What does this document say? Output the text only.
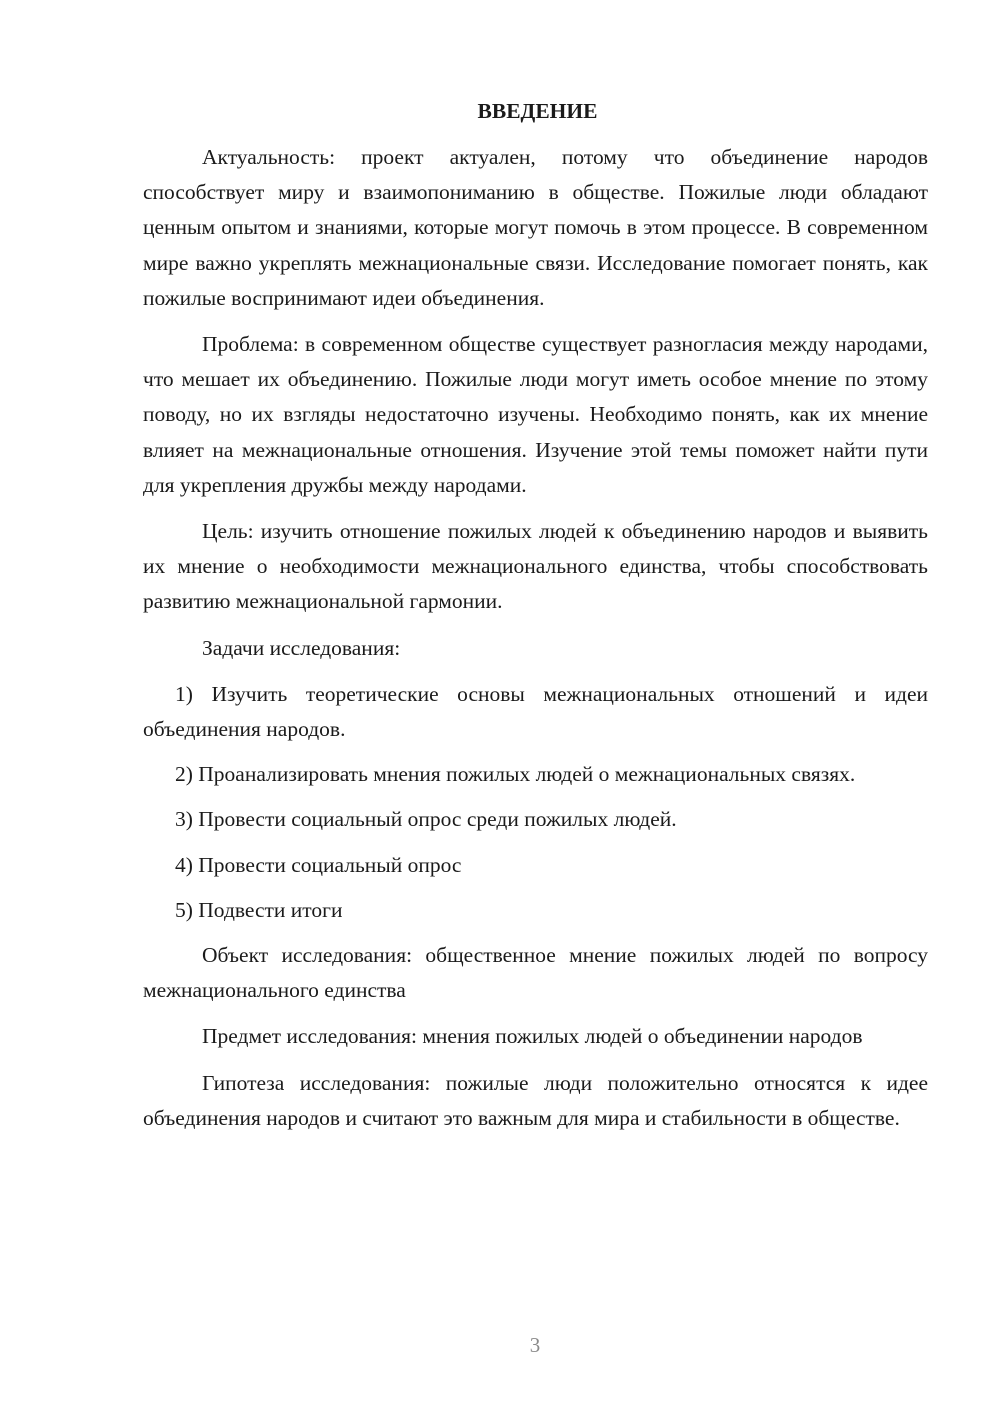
ВВЕДЕНИЕ

Актуальность: проект актуален, потому что объединение народов способствует миру и взаимопониманию в обществе. Пожилые люди обладают ценным опытом и знаниями, которые могут помочь в этом процессе. В современном мире важно укреплять межнациональные связи. Исследование помогает понять, как пожилые воспринимают идеи объединения.

Проблема: в современном обществе существует разногласия между народами, что мешает их объединению. Пожилые люди могут иметь особое мнение по этому поводу, но их взгляды недостаточно изучены. Необходимо понять, как их мнение влияет на межнациональные отношения. Изучение этой темы поможет найти пути для укрепления дружбы между народами.

Цель: изучить отношение пожилых людей к объединению народов и выявить их мнение о необходимости межнационального единства, чтобы способствовать развитию межнациональной гармонии.

Задачи исследования:

1) Изучить теоретические основы межнациональных отношений и идеи объединения народов.

2) Проанализировать мнения пожилых людей о межнациональных связях.

3) Провести социальный опрос среди пожилых людей.

4) Провести социальный опрос

5) Подвести итоги

Объект исследования: общественное мнение пожилых людей по вопросу межнационального единства

Предмет исследования: мнения пожилых людей о объединении народов

Гипотеза исследования: пожилые люди положительно относятся к идее объединения народов и считают это важным для мира и стабильности в обществе.

3
